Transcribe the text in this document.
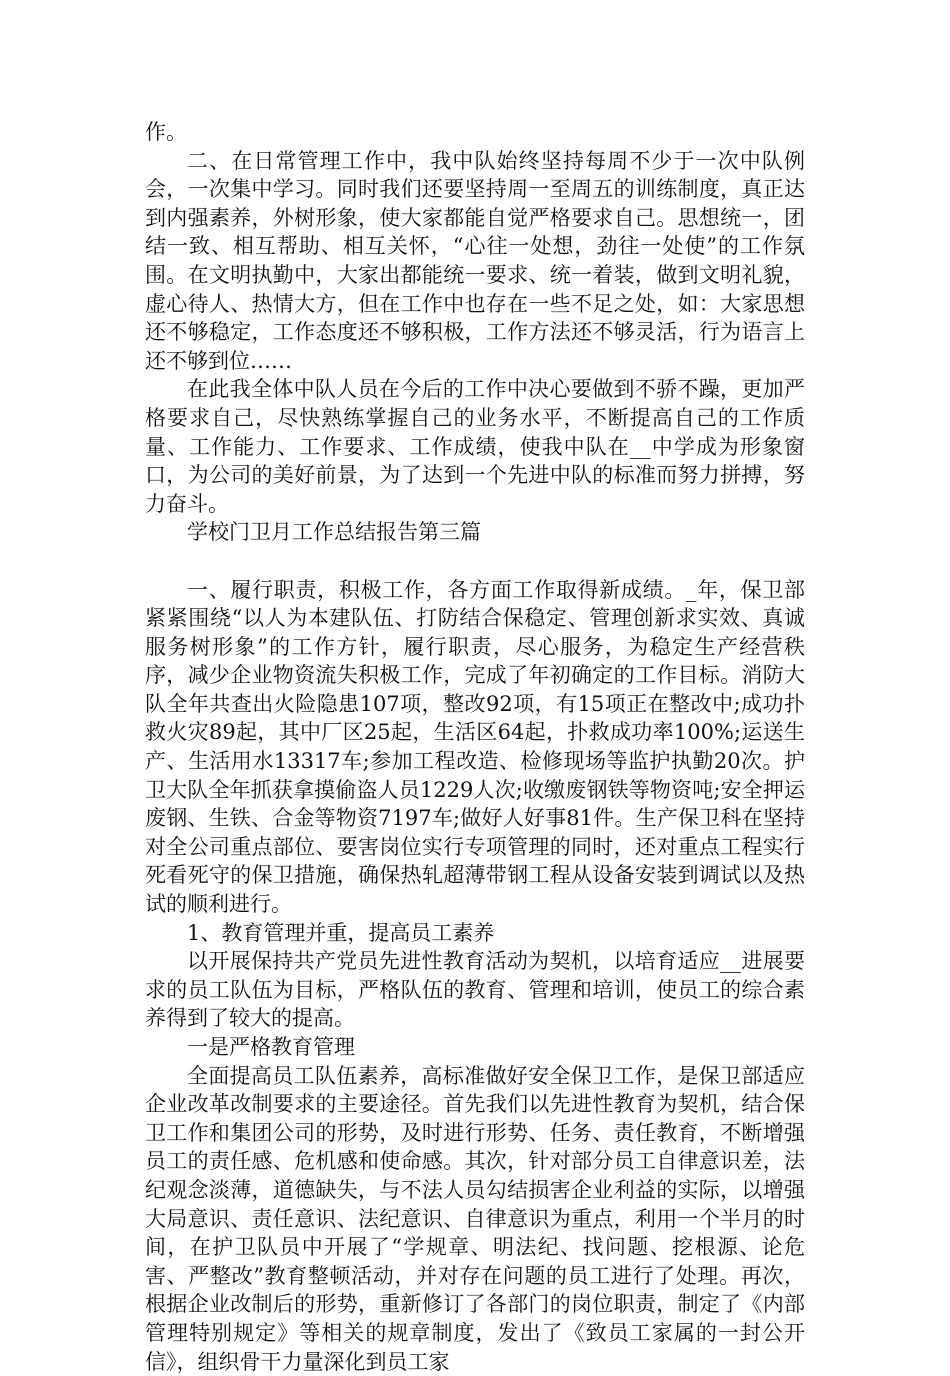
作。

二、在日常管理工作中，我中队始终坚持每周不少于一次中队例会，一次集中学习。同时我们还要坚持周一至周五的训练制度，真正达到内强素养，外树形象，使大家都能自觉严格要求自己。思想统一，团结一致、相互帮助、相互关怀，“心往一处想，劲往一处使”的工作氛围。在文明执勤中，大家出都能统一要求、统一着装，做到文明礼貌，虚心待人、热情大方，但在工作中也存在一些不足之处，如：大家思想还不够稳定，工作态度还不够积极，工作方法还不够灵活，行为语言上还不够到位……

在此我全体中队人员在今后的工作中决心要做到不骄不躁，更加严格要求自己，尽快熟练掌握自己的业务水平，不断提高自己的工作质量、工作能力、工作要求、工作成绩，使我中队在__中学成为形象窗口，为公司的美好前景，为了达到一个先进中队的标准而努力拼搏，努力奋斗。

学校门卫月工作总结报告第三篇

一、履行职责，积极工作，各方面工作取得新成绩。_年，保卫部紧紧围绕“以人为本建队伍、打防结合保稳定、管理创新求实效、真诚服务树形象”的工作方针，履行职责，尽心服务，为稳定生产经营秩序，减少企业物资流失积极工作，完成了年初确定的工作目标。消防大队全年共查出火险隐患107项，整改92项，有15项正在整改中;成功扑救火灾89起，其中厂区25起，生活区64起，扑救成功率100%;运送生产、生活用水13317车;参加工程改造、检修现场等监护执勤20次。护卫大队全年抓获拿摸偷盗人员1229人次;收缴废钢铁等物资吨;安全押运废钢、生铁、合金等物资7197车;做好人好事81件。生产保卫科在坚持对全公司重点部位、要害岗位实行专项管理的同时，还对重点工程实行死看死守的保卫措施，确保热轧超薄带钢工程从设备安装到调试以及热试的顺利进行。

1、教育管理并重，提高员工素养

以开展保持共产党员先进性教育活动为契机，以培育适应__进展要求的员工队伍为目标，严格队伍的教育、管理和培训，使员工的综合素养得到了较大的提高。

一是严格教育管理

全面提高员工队伍素养，高标准做好安全保卫工作，是保卫部适应企业改革改制要求的主要途径。首先我们以先进性教育为契机，结合保卫工作和集团公司的形势，及时进行形势、任务、责任教育，不断增强员工的责任感、危机感和使命感。其次，针对部分员工自律意识差，法纪观念淡薄，道德缺失，与不法人员勾结损害企业利益的实际，以增强大局意识、责任意识、法纪意识、自律意识为重点，利用一个半月的时间，在护卫队员中开展了“学规章、明法纪、找问题、挖根源、论危害、严整改”教育整顿活动，并对存在问题的员工进行了处理。再次，根据企业改制后的形势，重新修订了各部门的岗位职责，制定了《内部管理特别规定》等相关的规章制度，发出了《致员工家属的一封公开信》，组织骨干力量深化到员工家
